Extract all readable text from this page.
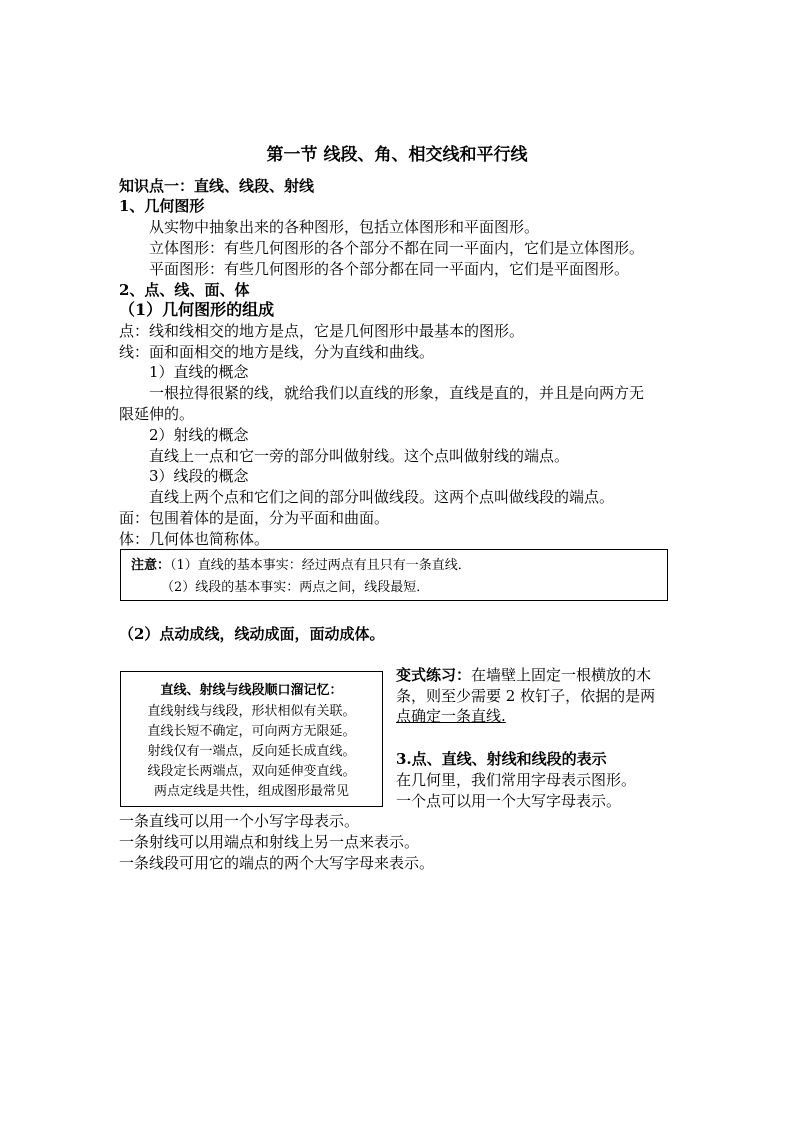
第一节 线段、角、相交线和平行线
知识点一：直线、线段、射线
1、几何图形
从实物中抽象出来的各种图形，包括立体图形和平面图形。
立体图形：有些几何图形的各个部分不都在同一平面内，它们是立体图形。
平面图形：有些几何图形的各个部分都在同一平面内，它们是平面图形。
2、点、线、面、体
（1）几何图形的组成
点：线和线相交的地方是点，它是几何图形中最基本的图形。
线：面和面相交的地方是线，分为直线和曲线。
1）直线的概念
一根拉得很紧的线，就给我们以直线的形象，直线是直的，并且是向两方无
限延伸的。
2）射线的概念
直线上一点和它一旁的部分叫做射线。这个点叫做射线的端点。
3）线段的概念
直线上两个点和它们之间的部分叫做线段。这两个点叫做线段的端点。
面：包围着体的是面，分为平面和曲面。
体：几何体也简称体。
注意：（1）直线的基本事实：经过两点有且只有一条直线．
（2）线段的基本事实：两点之间，线段最短．
（2）点动成线，线动成面，面动成体。
直线、射线与线段顺口溜记忆：
直线射线与线段，形状相似有关联。
直线长短不确定，可向两方无限延。
射线仅有一端点，反向延长成直线。
线段定长两端点，双向延伸变直线。
两点定线是共性，组成图形最常见
变式练习：在墙壁上固定一根横放的木
条，则至少需要 2 枚钉子，依据的是两
点确定一条直线.
3.点、直线、射线和线段的表示
在几何里，我们常用字母表示图形。
一个点可以用一个大写字母表示。
一条直线可以用一个小写字母表示。
一条射线可以用端点和射线上另一点来表示。
一条线段可用它的端点的两个大写字母来表示。
